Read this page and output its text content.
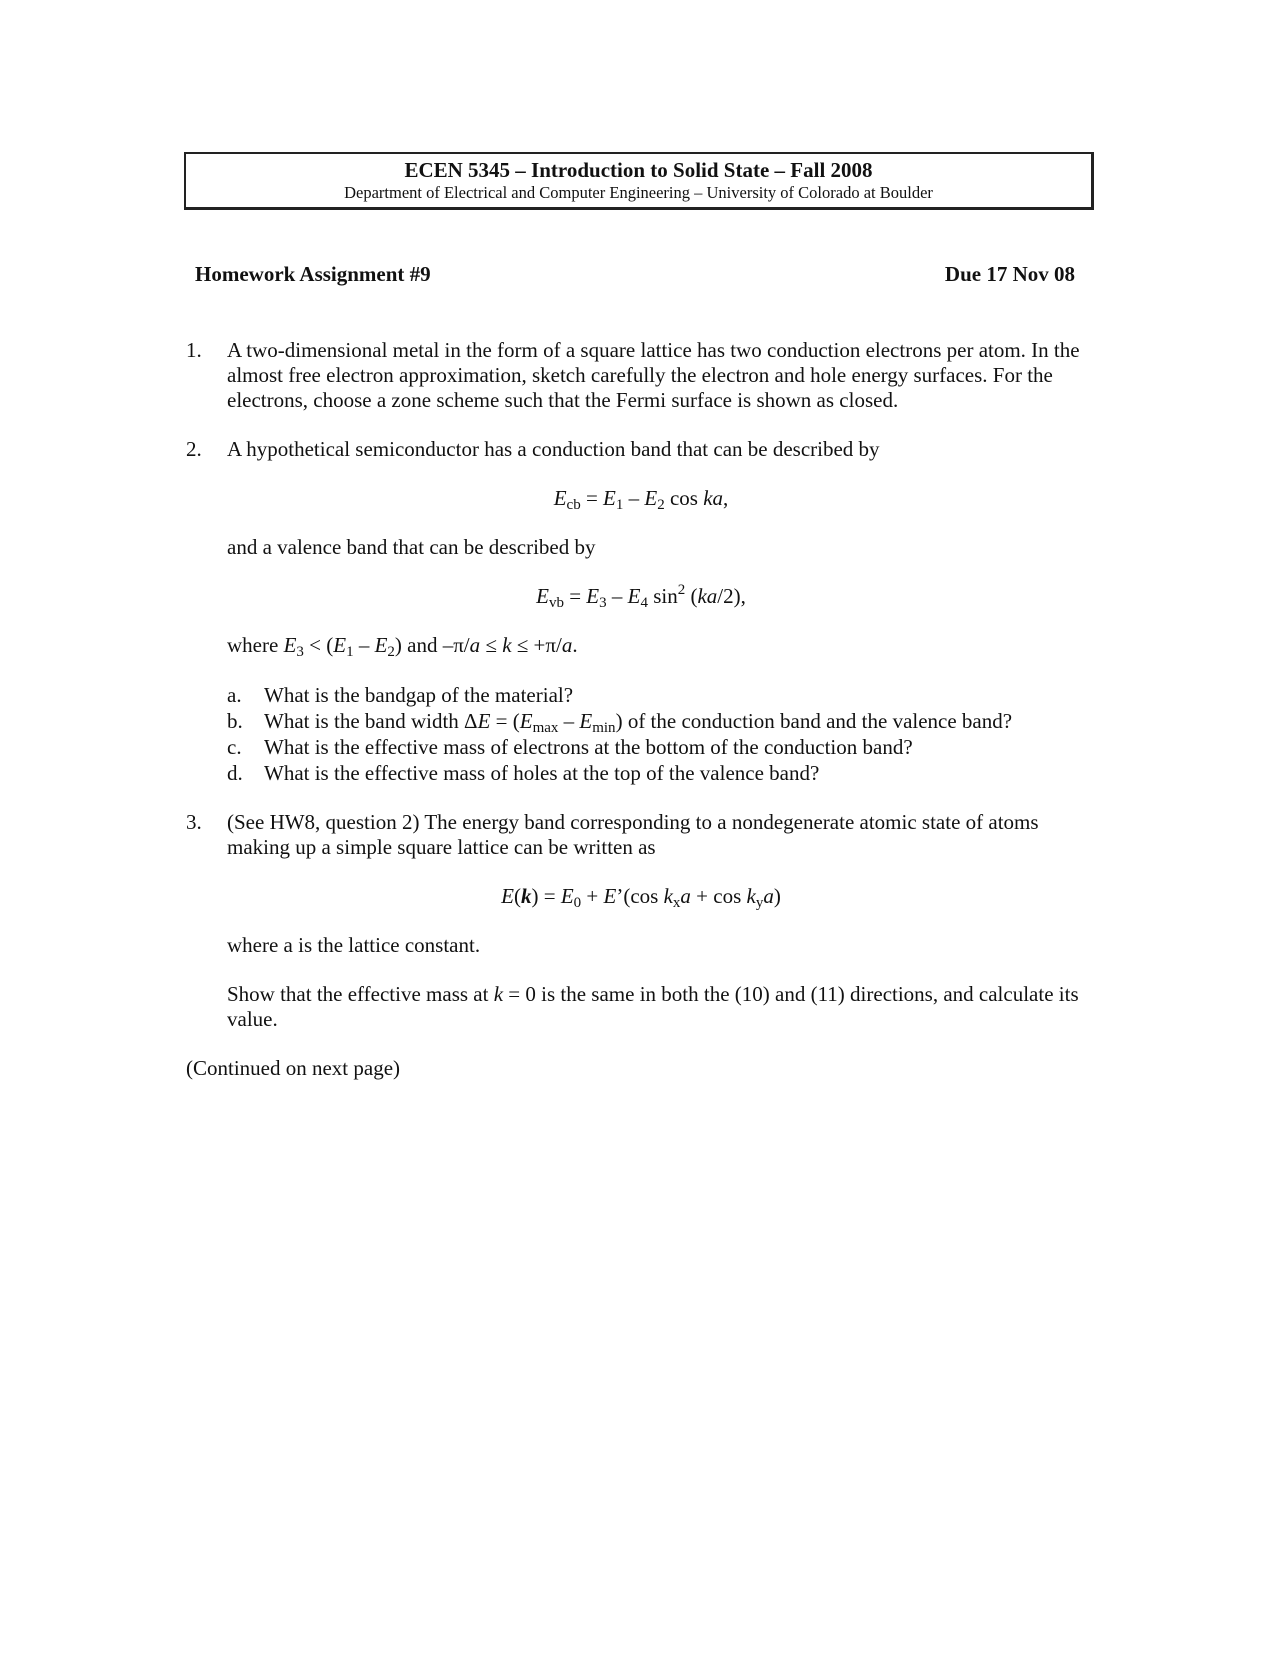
ECEN 5345 – Introduction to Solid State – Fall 2008
Department of Electrical and Computer Engineering – University of Colorado at Boulder
Homework Assignment #9	Due 17 Nov 08
1. A two-dimensional metal in the form of a square lattice has two conduction electrons per atom. In the almost free electron approximation, sketch carefully the electron and hole energy surfaces. For the electrons, choose a zone scheme such that the Fermi surface is shown as closed.

2. A hypothetical semiconductor has a conduction band that can be described by

$E_{cb} = E_1 - E_2$ cos ka,

and a valence band that can be described by

$E_{vb} = E_3 - E_4$ $\sin^2 (ka/2)$,

where $E_3 < (E_1 - E_2)$ and –π/a ≤ k ≤ +π/a.

a. What is the bandgap of the material?
b. What is the band width $\Delta E = (E_{max} - E_{min})$ of the conduction band and the valence band?
c. What is the effective mass of electrons at the bottom of the conduction band?
d. What is the effective mass of holes at the top of the valence band?
3. (See HW8, question 2) The energy band corresponding to a nondegenerate atomic state of atoms making up a simple square lattice can be written as

$E(k) = E_0$ + E’(cos $k_xa + \cos k_ya$)

where a is the lattice constant.

Show that the effective mass at k = 0 is the same in both the (10) and (11) directions, and calculate its value.

(Continued on next page)
